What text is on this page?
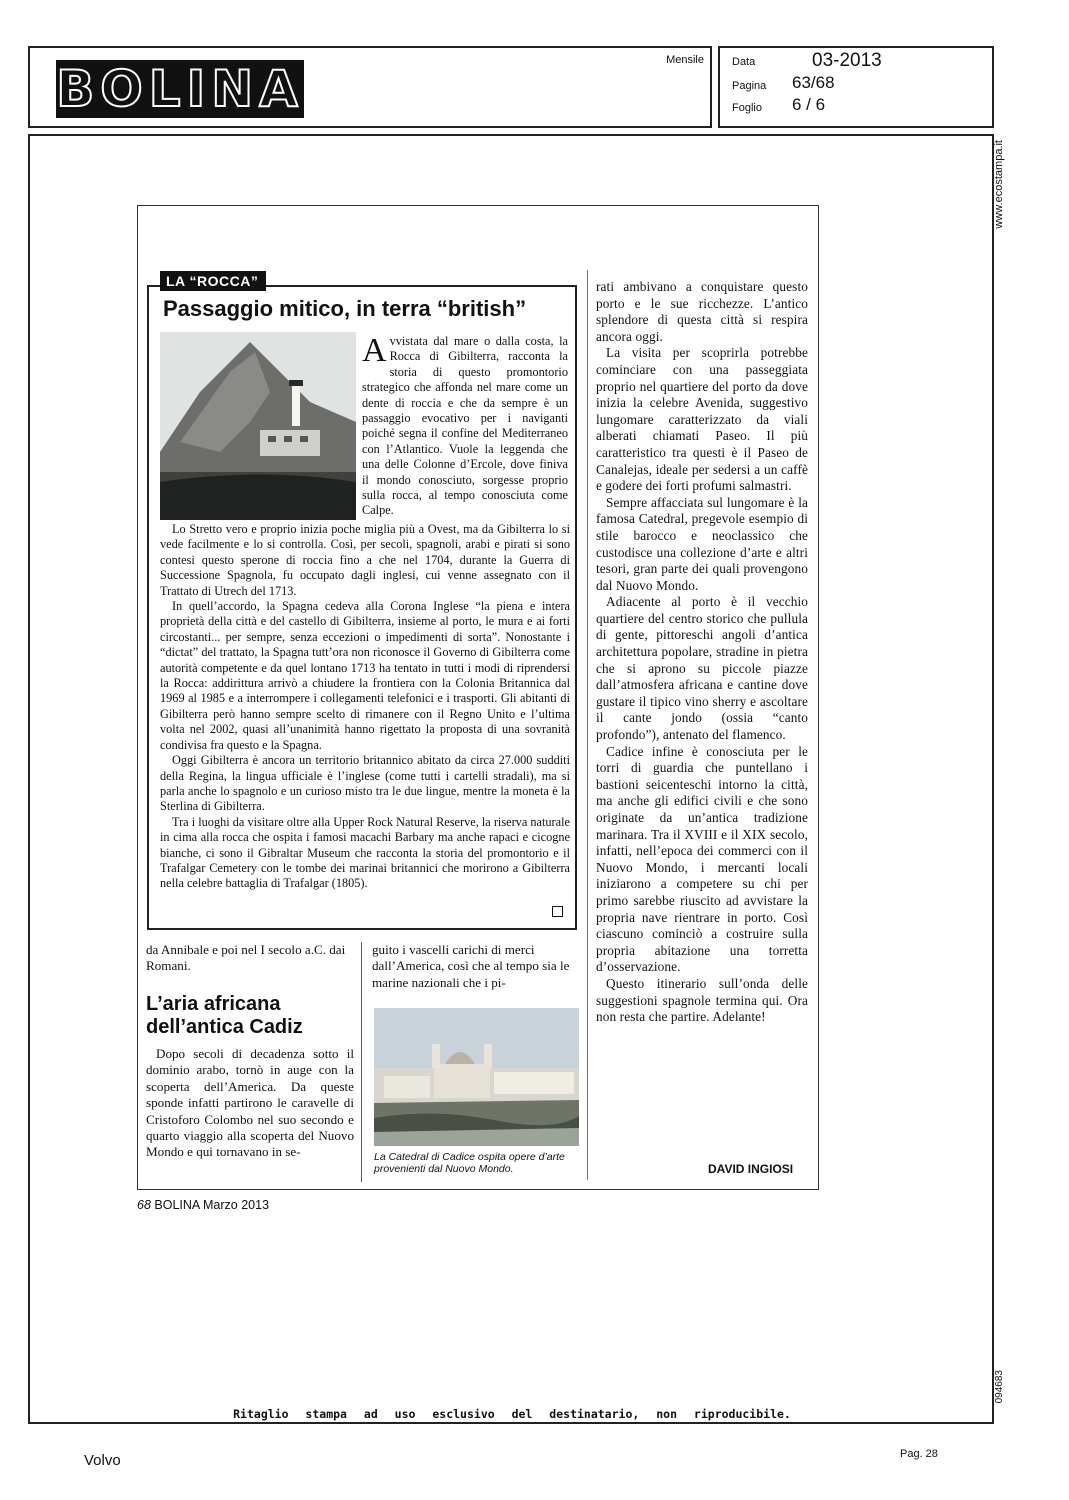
BOLINA	Mensile	Data	03-2013
Pagina 63/68
Foglio 6 / 6
www.ecostampa.it
094683
LA “ROCCA”
Passaggio mitico, in terra “british”

Avvistata dal mare o dalla costa, la Rocca di Gibilterra, racconta la storia di questo promontorio strategico che affonda nel mare come un dente di roccia e che da sempre è un passaggio evocativo per i naviganti poiché segna il confine del Mediterraneo con l’Atlantico. Vuole la leggenda che una delle Colonne d’Ercole, dove finiva il mondo conosciuto, sorgesse proprio sulla rocca, al tempo conosciuta come Calpe.

Lo Stretto vero e proprio inizia poche miglia più a Ovest, ma da Gibilterra lo si vede facilmente e lo si controlla. Così, per secoli, spagnoli, arabi e pirati si sono contesi questo sperone di roccia fino a che nel 1704, durante la Guerra di Successione Spagnola, fu occupato dagli inglesi, cui venne assegnato con il Trattato di Utrech del 1713.

In quell’accordo, la Spagna cedeva alla Corona Inglese “la piena e intera proprietà della città e del castello di Gibilterra, insieme al porto, le mura e ai forti circostanti... per sempre, senza eccezioni o impedimenti di sorta”. Nonostante i “dictat” del trattato, la Spagna tutt’ora non riconosce il Governo di Gibilterra come autorità competente e da quel lontano 1713 ha tentato in tutti i modi di riprendersi la Rocca: addirittura arrivò a chiudere la frontiera con la Colonia Britannica dal 1969 al 1985 e a interrompere i collegamenti telefonici e i trasporti. Gli abitanti di Gibilterra però hanno sempre scelto di rimanere con il Regno Unito e l’ultima volta nel 2002, quasi all’unanimità hanno rigettato la proposta di una sovranità condivisa fra questo e la Spagna.

Oggi Gibilterra è ancora un territorio britannico abitato da circa 27.000 sudditi della Regina, la lingua ufficiale è l’inglese (come tutti i cartelli stradali), ma si parla anche lo spagnolo e un curioso misto tra le due lingue, mentre la moneta è la Sterlina di Gibilterra.

Tra i luoghi da visitare oltre alla Upper Rock Natural Reserve, la riserva naturale in cima alla rocca che ospita i famosi macachi Barbary ma anche rapaci e cicogne bianche, ci sono il Gibraltar Museum che racconta la storia del promontorio e il Trafalgar Cemetery con le tombe dei marinai britannici che morirono a Gibilterra nella celebre battaglia di Trafalgar (1805).

da Annibale e poi nel I secolo a.C. dai Romani.
guito i vascelli carichi di merci dall’America, così che al tempo sia le marine nazionali che i pi-
L’aria africana dell’antica Cadiz

Dopo secoli di decadenza sotto il dominio arabo, tornò in auge con la scoperta dell’America. Da queste sponde infatti partirono le caravelle di Cristoforo Colombo nel suo secondo e quarto viaggio alla scoperta del Nuovo Mondo e qui tornavano in se-	La Catedral di Cadice ospita opere d’arte provenienti dal Nuovo Mondo.

rati ambivano a conquistare questo porto e le sue ricchezze. L’antico splendore di questa città si respira ancora oggi.

La visita per scoprirla potrebbe cominciare con una passeggiata proprio nel quartiere del porto da dove inizia la celebre Avenida, suggestivo lungomare caratterizzato da viali alberati chiamati Paseo. Il più caratteristico tra questi è il Paseo de Canalejas, ideale per sedersi a un caffè e godere dei forti profumi salmastri.

Sempre affacciata sul lungomare è la famosa Catedral, pregevole esempio di stile barocco e neoclassico che custodisce una collezione d’arte e altri tesori, gran parte dei quali provengono dal Nuovo Mondo.

Adiacente al porto è il vecchio quartiere del centro storico che pullula di gente, pittoreschi angoli d’antica architettura popolare, stradine in pietra che si aprono su piccole piazze dall’atmosfera africana e cantine dove gustare il tipico vino sherry e ascoltare il cante jondo (ossia “canto profondo”), antenato del flamenco.

Cadice infine è conosciuta per le torri di guardia che puntellano i bastioni seicenteschi intorno la città, ma anche gli edifici civili e che sono originate da un’antica tradizione marinara. Tra il XVIII e il XIX secolo, infatti, nell’epoca dei commerci con il Nuovo Mondo, i mercanti locali iniziarono a competere su chi per primo sarebbe riuscito ad avvistare la propria nave rientrare in porto. Così ciascuno cominciò a costruire sulla propria abitazione una torretta d’osservazione.

Questo itinerario sull’onda delle suggestioni spagnole termina qui. Ora non resta che partire. Adelante!

DAVID INGIOSI
68 BOLINA Marzo 2013
Ritaglio stampa ad uso esclusivo del destinatario, non riproducibile.
Volvo	Pag. 28
